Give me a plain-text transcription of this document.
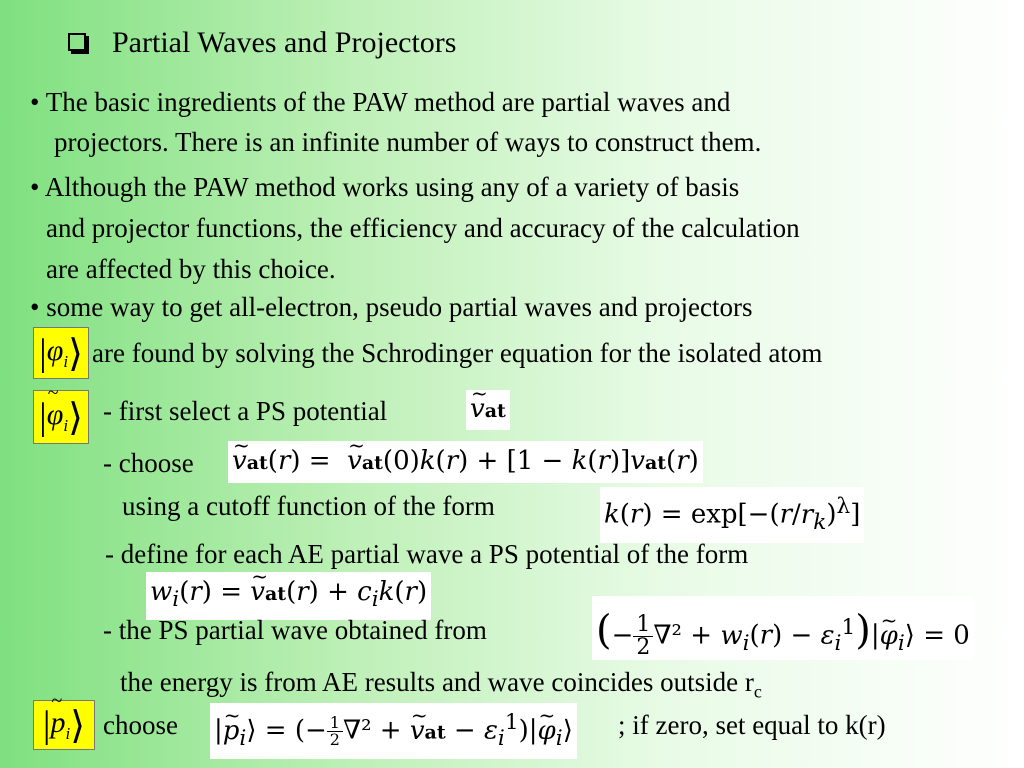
Partial Waves and Projectors
• The basic ingredients of the PAW method are partial waves and
projectors. There is an infinite number of ways to construct them.
• Although the PAW method works using any of a variety of basis
and projector functions, the efficiency and accuracy of the calculation
are affected by this choice.
• some way to get all-electron, pseudo partial waves and projectors
| $\varphi_i$ ⟩ are found by solving the Schrodinger equation for the isolated atom
| ~ $\varphi_i$ ⟩ - first select a PS potential	~ vat
- choose ~ vat(r) =  ~ vat(0)k(r) + [1 − k(r)]vat(r)
using a cutoff function of the form	$k(r) = \exp[-(r/r_k)^\lambda]$
- define for each AE partial wave a PS potential of the form
$w_i(r)$ = ~ $vat(r) + c_ik(r)$
- the PS partial wave obtained from	(− $\frac{1}{2} \nabla^2 + w_i(r)$ − $\varepsilon_i^1)|\sim$ $\varphi_i⟩ = 0$
the energy is from AE results and wave coincides outside $r_c$
| ~ $p_i$ ⟩ choose |~ $p_i⟩$ = (− $\frac{1}{2} \nabla^2$ + ~ vat − $\varepsilon_i^1)|\sim$ $\varphi_i⟩$ ; if zero, set equal to k(r)
